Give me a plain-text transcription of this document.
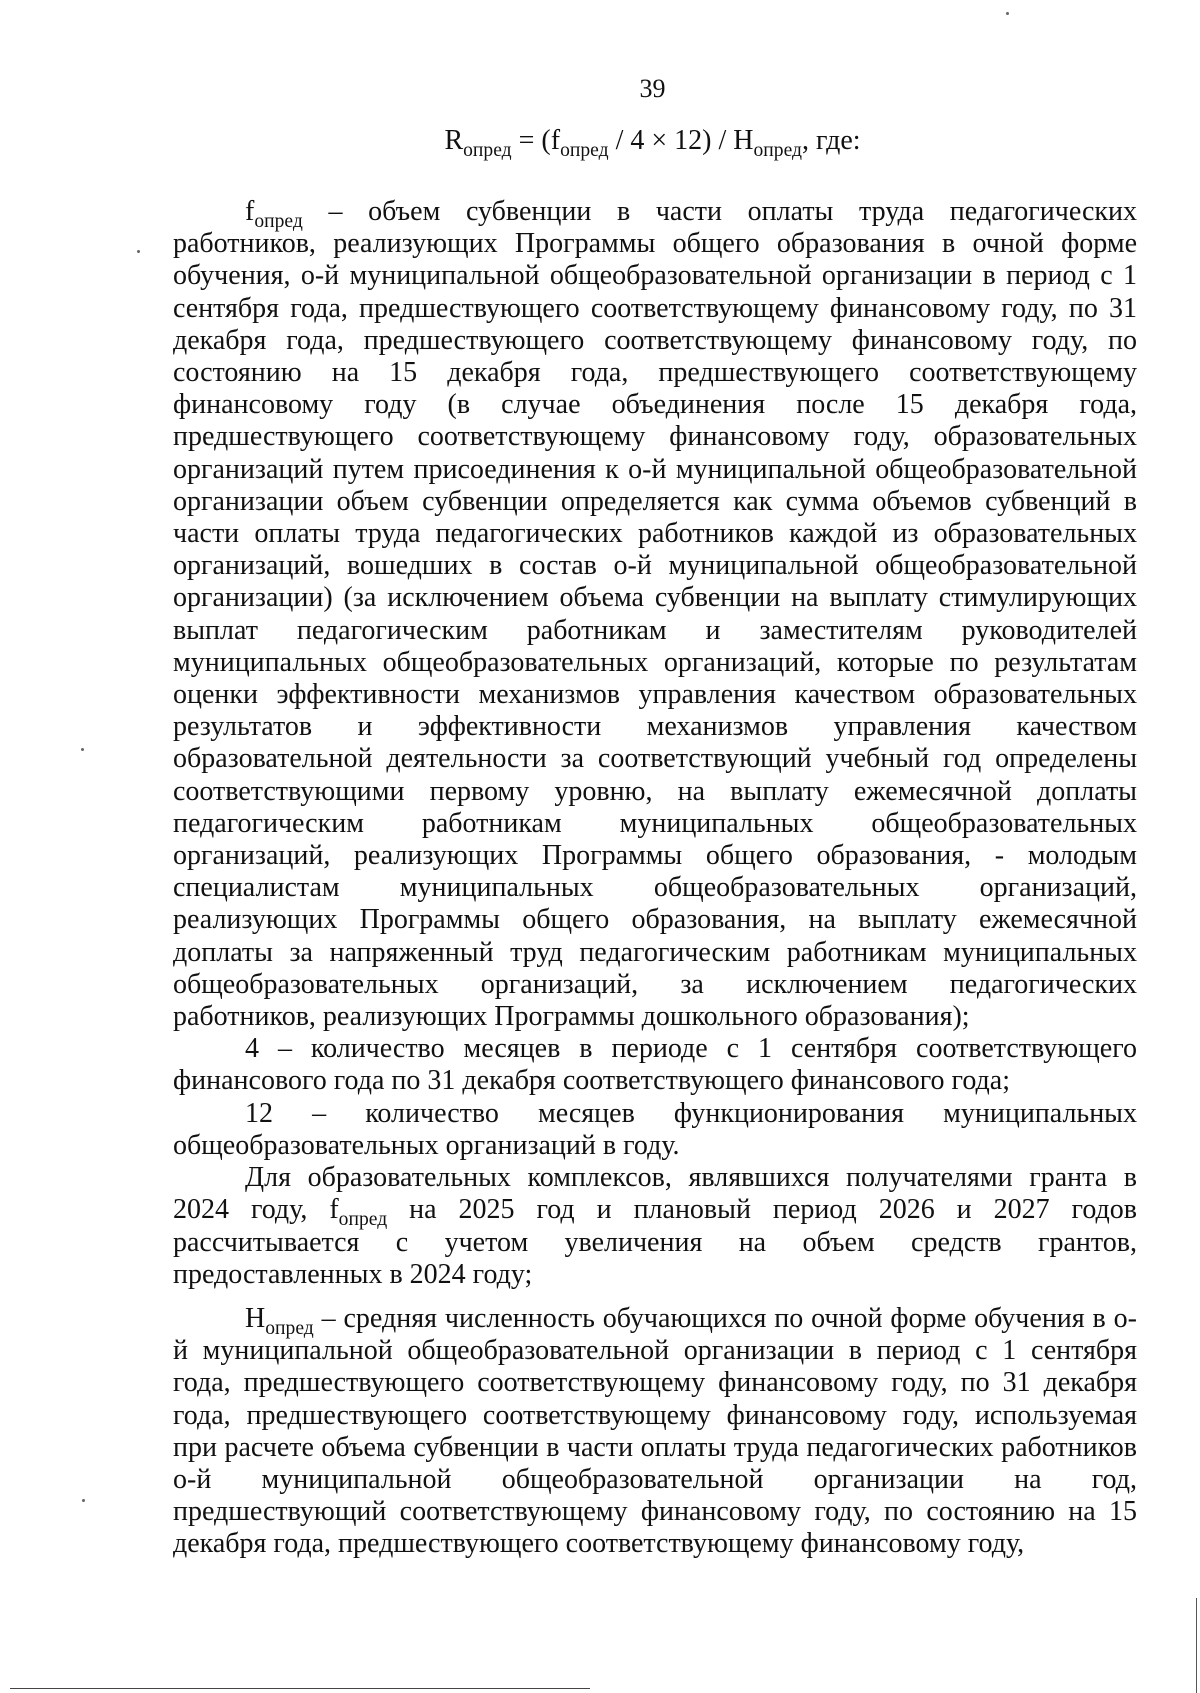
39
$R_{опред} = (f_{опред} / 4 \times 12) / Н_{опред}$, где:

$f_{опред}$ – объем субвенции в части оплаты труда педагогических работников, реализующих Программы общего образования в очной форме обучения, о-й муниципальной общеобразовательной организации в период с 1 сентября года, предшествующего соответствующему финансовому году, по 31 декабря года, предшествующего соответствующему финансовому году, по состоянию на 15 декабря года, предшествующего соответствующему финансовому году (в случае объединения после 15 декабря года, предшествующего соответствующему финансовому году, образовательных организаций путем присоединения к о-й муниципальной общеобразовательной организации объем субвенции определяется как сумма объемов субвенций в части оплаты труда педагогических работников каждой из образовательных организаций, вошедших в состав о-й муниципальной общеобразовательной организации) (за исключением объема субвенции на выплату стимулирующих выплат педагогическим работникам и заместителям руководителей муниципальных общеобразовательных организаций, которые по результатам оценки эффективности механизмов управления качеством образовательных результатов и эффективности механизмов управления качеством образовательной деятельности за соответствующий учебный год определены соответствующими первому уровню, на выплату ежемесячной доплаты педагогическим работникам муниципальных общеобразовательных организаций, реализующих Программы общего образования, - молодым специалистам муниципальных общеобразовательных организаций, реализующих Программы общего образования, на выплату ежемесячной доплаты за напряженный труд педагогическим работникам муниципальных общеобразовательных организаций, за исключением педагогических работников, реализующих Программы дошкольного образования);

4 – количество месяцев в периоде с 1 сентября соответствующего финансового года по 31 декабря соответствующего финансового года;

12 – количество месяцев функционирования муниципальных общеобразовательных организаций в году.

Для образовательных комплексов, являвшихся получателями гранта в 2024 году, $f_{опред}$ на 2025 год и плановый период 2026 и 2027 годов рассчитывается с учетом увеличения на объем средств грантов, предоставленных в 2024 году;

$Н_{опред}$ – средняя численность обучающихся по очной форме обучения в о-й муниципальной общеобразовательной организации в период с 1 сентября года, предшествующего соответствующему финансовому году, по 31 декабря года, предшествующего соответствующему финансовому году, используемая при расчете объема субвенции в части оплаты труда педагогических работников о-й муниципальной общеобразовательной организации на год, предшествующий соответствующему финансовому году, по состоянию на 15 декабря года, предшествующего соответствующему финансовому году,
